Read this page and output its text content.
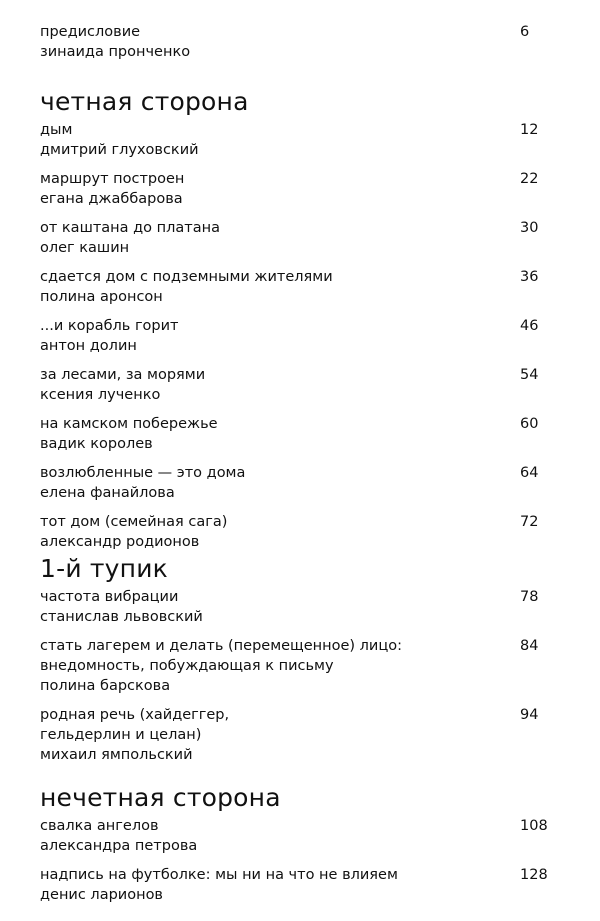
предисловие
зинаида пронченко
6
четная сторона
дым
дмитрий глуховский
12
маршрут построен
егана джаббарова
22
от каштана до платана
олег кашин
30
сдается дом с подземными жителями
полина аронсон
36
...и корабль горит
антон долин
46
за лесами, за морями
ксения лученко
54
на камском побережье
вадик королев
60
возлюбленные — это дома
елена фанайлова
64
тот дом (семейная сага)
александр родионов
72
1-й тупик
частота вибрации
станислав львовский
78
стать лагерем и делать (перемещенное) лицо:
внедомность, побуждающая к письму
полина барскова
84
родная речь (хайдеггер,
гельдерлин и целан)
михаил ямпольский
94
нечетная сторона
свалка ангелов
александра петрова
108
надпись на футболке: мы ни на что не влияем
денис ларионов
128
